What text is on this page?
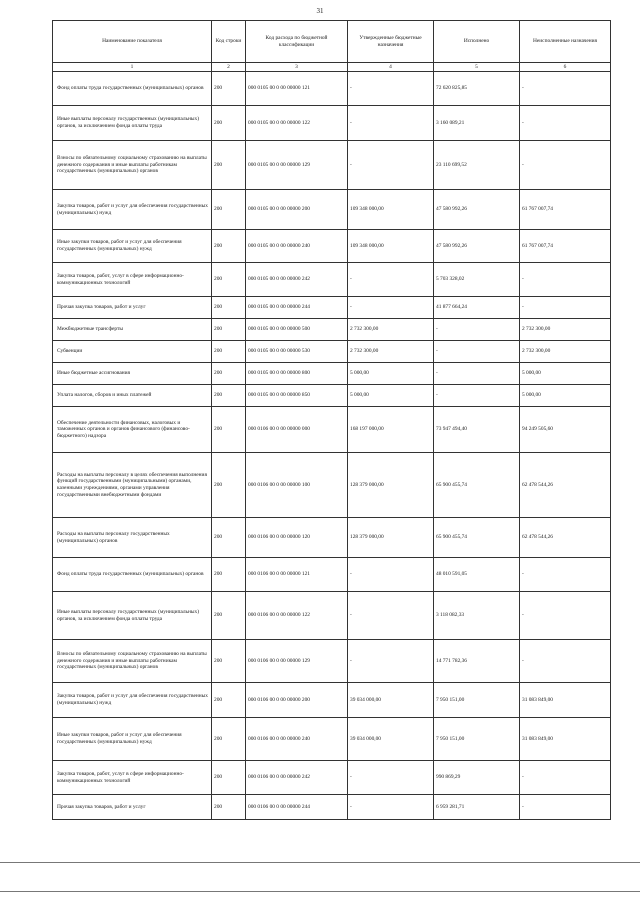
31
Наименование показателя	Код строки	Код расхода по бюджетной классификации	Утвержденные бюджетные назначения	Исполнено	Неисполненные назначения
1	2	3	4	5	6
Фонд оплаты труда государственных (муниципальных) органов	200	000 0105 00 0 00 00000 121	-	72 620 825,85	-
Иные выплаты персоналу государственных (муниципальных) органов, за исключением фонда оплаты труда	200	000 0105 00 0 00 00000 122	-	3 160 089,21	-
Взносы по обязательному социальному страхованию на выплаты денежного содержания и иные выплаты работникам государственных (муниципальных) органов	200	000 0105 00 0 00 00000 129	-	23 110 699,52	-
Закупка товаров, работ и услуг для обеспечения государственных (муниципальных) нужд	200	000 0105 00 0 00 00000 200	109 348 000,00	47 580 992,26	61 767 007,74
Иные закупки товаров, работ и услуг для обеспечения государственных (муниципальных) нужд	200	000 0105 00 0 00 00000 240	109 348 000,00	47 580 992,26	61 767 007,74
Закупка товаров, работ, услуг в сфере информационно-коммуникационных технологий	200	000 0105 00 0 00 00000 242	-	5 703 328,02	-
Прочая закупка товаров, работ и услуг	200	000 0105 00 0 00 00000 244	-	41 877 664,24	-
Межбюджетные трансферты	200	000 0105 00 0 00 00000 500	2 732 300,00	-	2 732 300,00
Субвенции	200	000 0105 00 0 00 00000 530	2 732 300,00	-	2 732 300,00
Иные бюджетные ассигнования	200	000 0105 00 0 00 00000 800	5 000,00	-	5 000,00
Уплата налогов, сборов и иных платежей	200	000 0105 00 0 00 00000 850	5 000,00	-	5 000,00
Обеспечение деятельности финансовых, налоговых и таможенных органов и органов финансового (финансово-бюджетного) надзора	200	000 0106 00 0 00 00000 000	168 197 000,00	73 947 494,40	94 249 505,60
Расходы на выплаты персоналу в целях обеспечения выполнения функций государственными (муниципальными) органами, казенными учреждениями, органами управления государственными внебюджетными фондами	200	000 0106 00 0 00 00000 100	128 379 000,00	65 900 455,74	62 478 544,26
Расходы на выплаты персоналу государственных (муниципальных) органов	200	000 0106 00 0 00 00000 120	128 379 000,00	65 900 455,74	62 478 544,26
Фонд оплаты труда государственных (муниципальных) органов	200	000 0106 00 0 00 00000 121	-	48 010 591,05	-
Иные выплаты персоналу государственных (муниципальных) органов, за исключением фонда оплаты труда	200	000 0106 00 0 00 00000 122	-	3 118 082,33	-
Взносы по обязательному социальному страхованию на выплаты денежного содержания и иные выплаты работникам государственных (муниципальных) органов	200	000 0106 00 0 00 00000 129	-	14 771 782,36	-
Закупка товаров, работ и услуг для обеспечения государственных (муниципальных) нужд	200	000 0106 00 0 00 00000 200	39 034 000,00	7 950 151,00	31 083 849,00
Иные закупки товаров, работ и услуг для обеспечения государственных (муниципальных) нужд	200	000 0106 00 0 00 00000 240	39 034 000,00	7 950 151,00	31 083 849,00
Закупка товаров, работ, услуг в сфере информационно-коммуникационных технологий	200	000 0106 00 0 00 00000 242	-	990 869,29	-
Прочая закупка товаров, работ и услуг	200	000 0106 00 0 00 00000 244	-	6 959 281,71	-
